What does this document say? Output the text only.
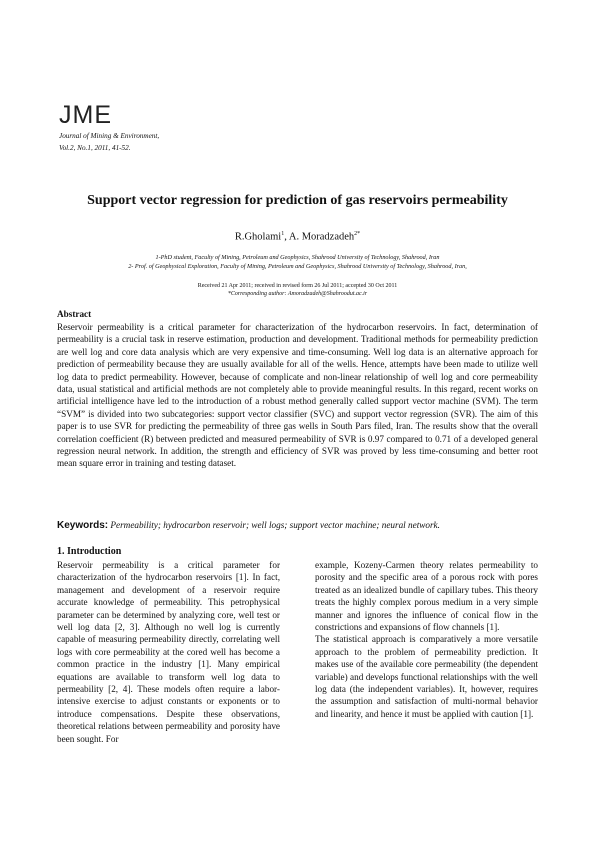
JME
Journal of Mining & Environment,
Vol.2, No.1, 2011, 41-52.
Support vector regression for prediction of gas reservoirs permeability
R.Gholami$^1$, A. Moradzadeh$^{2*}$
1-PhD student, Faculty of Mining, Petroleum and Geophysics, Shahrood University of Technology, Shahrood, Iran
2- Prof. of Geophysical Exploration, Faculty of Mining, Petroleum and Geophysics, Shahrood University of Technology, Shahrood, Iran,
Received 21 Apr 2011; received in revised form 26 Jul 2011; accepted 30 Oct 2011
*Corresponding author: Amoradzadeh@Shahroodut.ac.ir
Abstract
Reservoir permeability is a critical parameter for characterization of the hydrocarbon reservoirs. In fact, determination of permeability is a crucial task in reserve estimation, production and development. Traditional methods for permeability prediction are well log and core data analysis which are very expensive and time-consuming. Well log data is an alternative approach for prediction of permeability because they are usually available for all of the wells. Hence, attempts have been made to utilize well log data to predict permeability. However, because of complicate and non-linear relationship of well log and core permeability data, usual statistical and artificial methods are not completely able to provide meaningful results. In this regard, recent works on artificial intelligence have led to the introduction of a robust method generally called support vector machine (SVM). The term “SVM” is divided into two subcategories: support vector classifier (SVC) and support vector regression (SVR). The aim of this paper is to use SVR for predicting the permeability of three gas wells in South Pars filed, Iran. The results show that the overall correlation coefficient (R) between predicted and measured permeability of SVR is 0.97 compared to 0.71 of a developed general regression neural network. In addition, the strength and efficiency of SVR was proved by less time-consuming and better root mean square error in training and testing dataset.
Keywords: Permeability; hydrocarbon reservoir; well logs; support vector machine; neural network.
1. Introduction

Reservoir permeability is a critical parameter for characterization of the hydrocarbon reservoirs [1]. In fact, management and development of a reservoir require accurate knowledge of permeability. This petrophysical parameter can be determined by analyzing core, well test or well log data [2, 3]. Although no well log is currently capable of measuring permeability directly, correlating well logs with core permeability at the cored well has become a common practice in the industry [1]. Many empirical equations are available to transform well log data to permeability [2, 4]. These models often require a labor-intensive exercise to adjust constants or exponents or to introduce compensations. Despite these observations, theoretical relations between permeability and porosity have been sought. For

example, Kozeny-Carmen theory relates permeability to porosity and the specific area of a porous rock with pores treated as an idealized bundle of capillary tubes. This theory treats the highly complex porous medium in a very simple manner and ignores the influence of conical flow in the constrictions and expansions of flow channels [1].

The statistical approach is comparatively a more versatile approach to the problem of permeability prediction. It makes use of the available core permeability (the dependent variable) and develops functional relationships with the well log data (the independent variables). It, however, requires the assumption and satisfaction of multi-normal behavior and linearity, and hence it must be applied with caution [1].
